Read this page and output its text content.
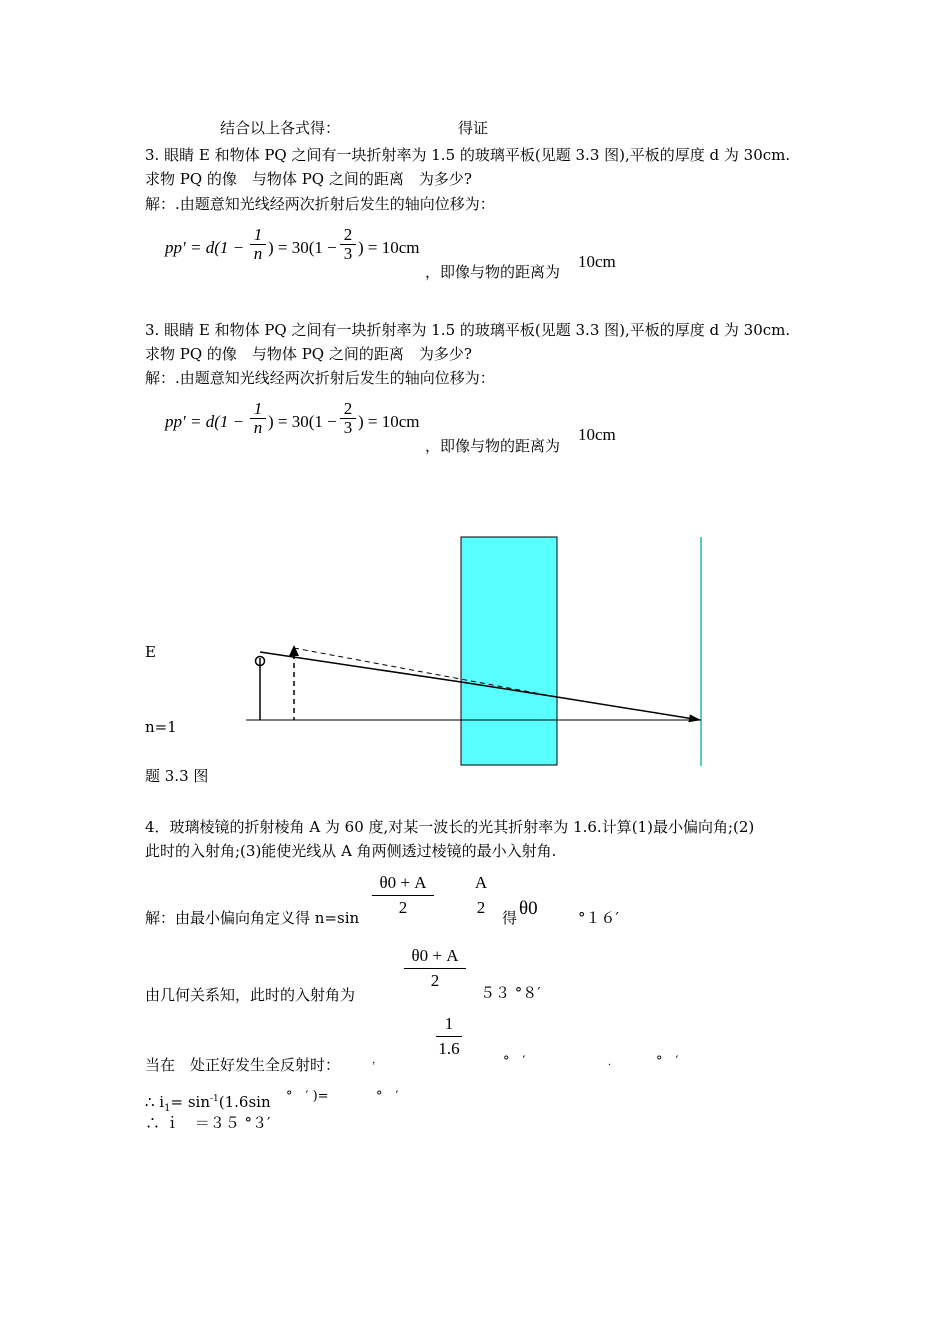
结合以上各式得：	得证
3. 眼睛 E 和物体 PQ 之间有一块折射率为 1.5 的玻璃平板(见题 3.3 图),平板的厚度 d 为 30cm.
求物 PQ 的像　与物体 PQ 之间的距离　为多少?
解：.由题意知光线经两次折射后发生的轴向位移为：
pp′ = d(1 −
1
n ) = 30(1 −
2
3 ) = 10cm
，即像与物的距离为
10cm
3. 眼睛 E 和物体 PQ 之间有一块折射率为 1.5 的玻璃平板(见题 3.3 图),平板的厚度 d 为 30cm.
求物 PQ 的像　与物体 PQ 之间的距离　为多少?
解：.由题意知光线经两次折射后发生的轴向位移为：
pp′ = d(1 −
1
n ) = 30(1 −
2
3 ) = 10cm
，即像与物的距离为
10cm
E
n=1
题 3.3 图
4．玻璃棱镜的折射棱角 A 为 60 度,对某一波长的光其折射率为 1.6.计算(1)最小偏向角;(2)
此时的入射角;(3)能使光线从 A 角两侧透过棱镜的最小入射角.
解：由最小偏向角定义得 n=sin
θ0 + A
2
A
2
得 θ0	°１６′
由几何关系知，此时的入射角为
θ0 + A
2
５３ °８′
1
1.6
当在　处正好发生全反射时：	，	°　′	．	°　′
∴ $i_1= \sin^{-1}(1.6\sin$ °　′ )=	°　′
∴ ｉ　＝３５ °３′
